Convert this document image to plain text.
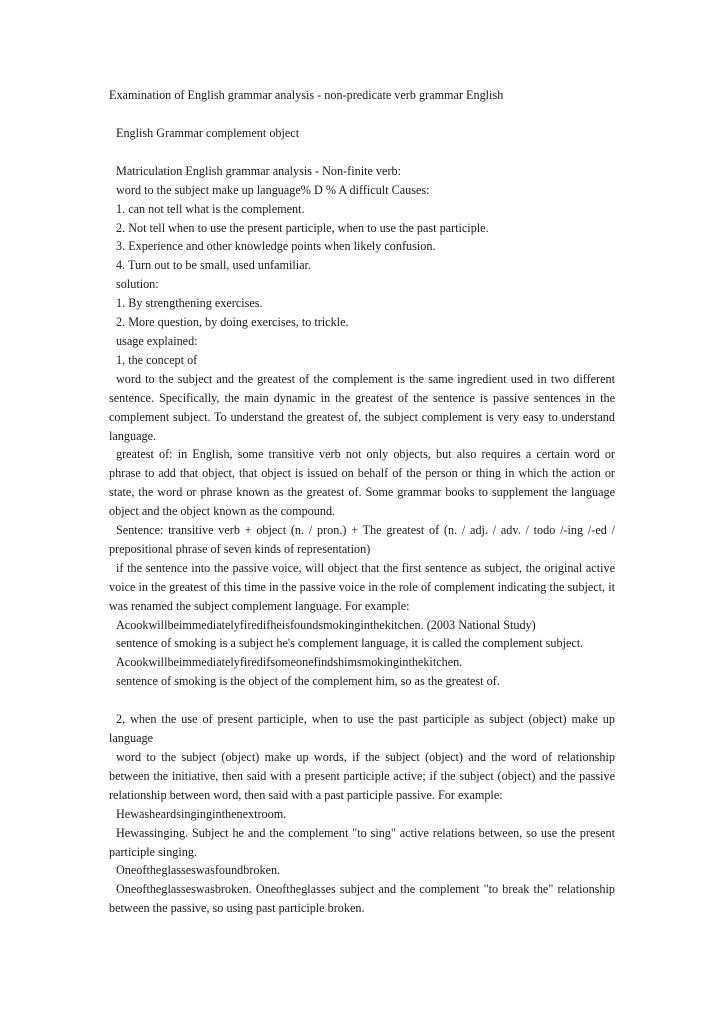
Examination of English grammar analysis - non-predicate verb grammar English
English Grammar complement object
Matriculation English grammar analysis - Non-finite verb:
word to the subject make up language% D % A difficult Causes:
1. can not tell what is the complement.
2. Not tell when to use the present participle, when to use the past participle.
3. Experience and other knowledge points when likely confusion.
4. Turn out to be small, used unfamiliar.
solution:
1. By strengthening exercises.
2. More question, by doing exercises, to trickle.
usage explained:
1, the concept of
word to the subject and the greatest of the complement is the same ingredient used in two different sentence. Specifically, the main dynamic in the greatest of the sentence is passive sentences in the complement subject. To understand the greatest of, the subject complement is very easy to understand language.
greatest of: in English, some transitive verb not only objects, but also requires a certain word or phrase to add that object, that object is issued on behalf of the person or thing in which the action or state, the word or phrase known as the greatest of. Some grammar books to supplement the language object and the object known as the compound.
Sentence: transitive verb + object (n. / pron.) + The greatest of (n. / adj. / adv. / todo /-ing /-ed / prepositional phrase of seven kinds of representation)
if the sentence into the passive voice, will object that the first sentence as subject, the original active voice in the greatest of this time in the passive voice in the role of complement indicating the subject, it was renamed the subject complement language. For example:
Acookwillbeimmediatelyfiredifheisfoundsmokinginthekitchen. (2003 National Study)
sentence of smoking is a subject he's complement language, it is called the complement subject.
Acookwillbeimmediatelyfiredifsomeonefindshimsmokinginthekitchen.
sentence of smoking is the object of the complement him, so as the greatest of.
2, when the use of present participle, when to use the past participle as subject (object) make up language
word to the subject (object) make up words, if the subject (object) and the word of relationship between the initiative, then said with a present participle active; if the subject (object) and the passive relationship between word, then said with a past participle passive. For example:
Hewasheardsinginginthenextroom.
Hewassinging. Subject he and the complement "to sing" active relations between, so use the present participle singing.
Oneoftheglasseswasfoundbroken.
Oneoftheglasseswasbroken. Oneoftheglasses subject and the complement "to break the" relationship between the passive, so using past participle broken.
